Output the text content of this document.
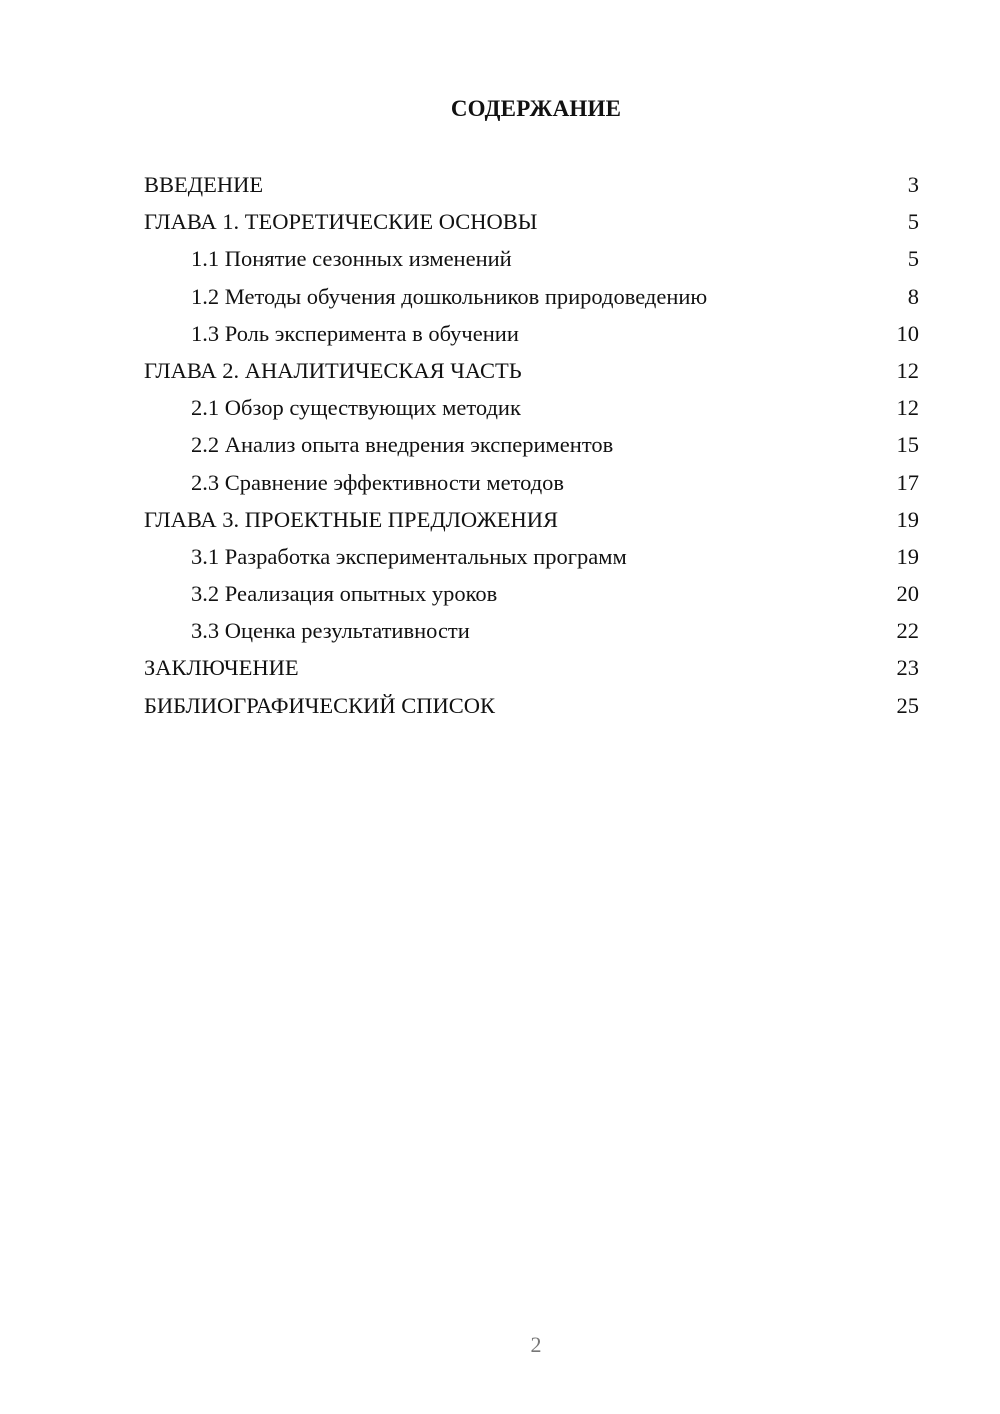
СОДЕРЖАНИЕ
ВВЕДЕНИЕ	3
ГЛАВА 1. ТЕОРЕТИЧЕСКИЕ ОСНОВЫ	5
1.1 Понятие сезонных изменений	5
1.2 Методы обучения дошкольников природоведению	8
1.3 Роль эксперимента в обучении	10
ГЛАВА 2. АНАЛИТИЧЕСКАЯ ЧАСТЬ	12
2.1 Обзор существующих методик	12
2.2 Анализ опыта внедрения экспериментов	15
2.3 Сравнение эффективности методов	17
ГЛАВА 3. ПРОЕКТНЫЕ ПРЕДЛОЖЕНИЯ	19
3.1 Разработка экспериментальных программ	19
3.2 Реализация опытных уроков	20
3.3 Оценка результативности	22
ЗАКЛЮЧЕНИЕ	23
БИБЛИОГРАФИЧЕСКИЙ СПИСОК	25
2
